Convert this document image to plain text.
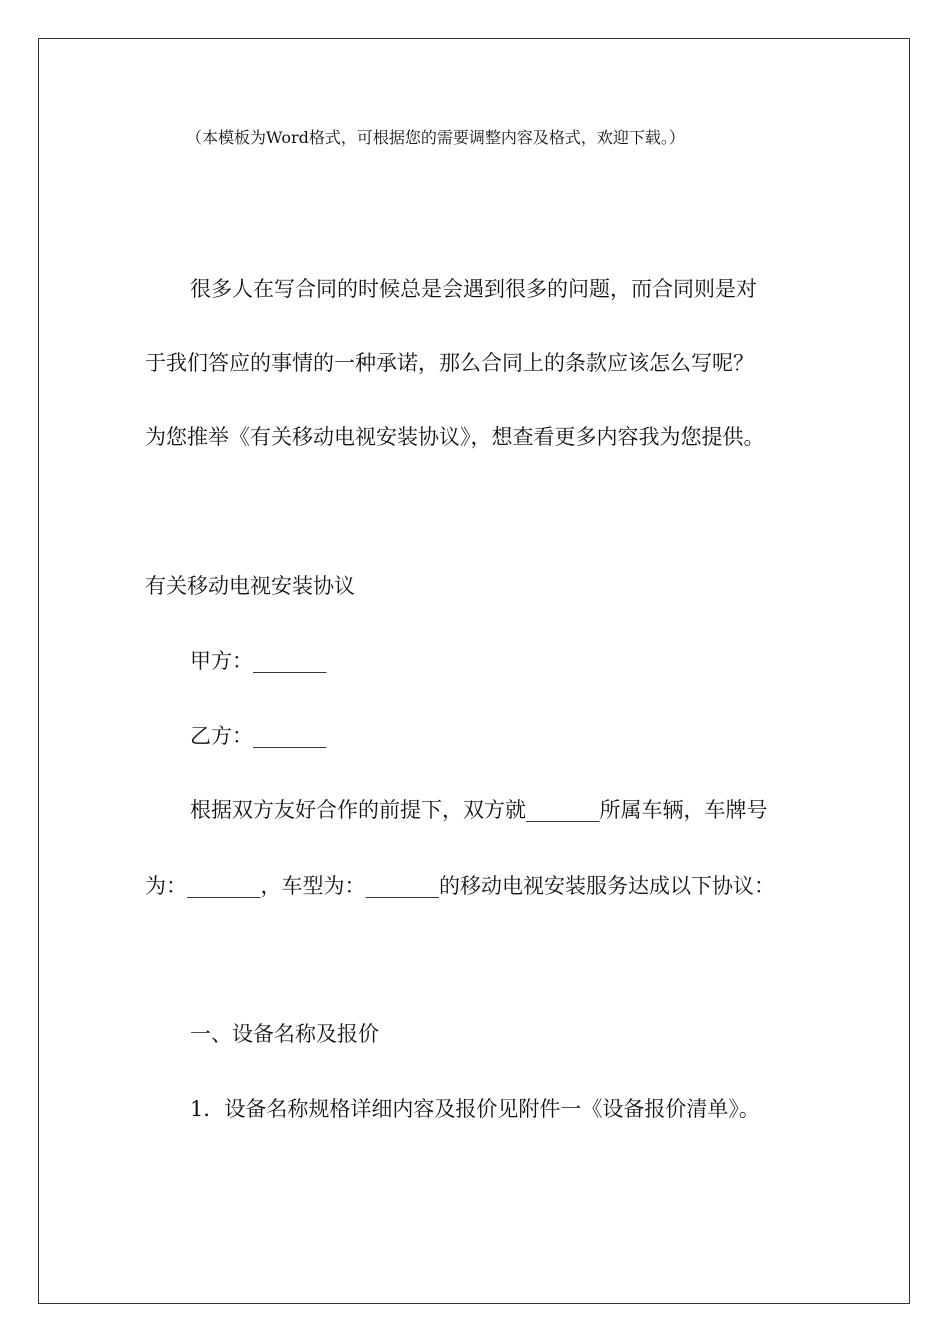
（本模板为Word格式，可根据您的需要调整内容及格式，欢迎下载。）
很多人在写合同的时候总是会遇到很多的问题，而合同则是对
于我们答应的事情的一种承诺，那么合同上的条款应该怎么写呢？
为您推举《有关移动电视安装协议》，想查看更多内容我为您提供。
有关移动电视安装协议
甲方：_______
乙方：_______
根据双方友好合作的前提下，双方就_______所属车辆，车牌号
为：_______，车型为：_______的移动电视安装服务达成以下协议：
一、设备名称及报价
1．设备名称规格详细内容及报价见附件一《设备报价清单》。
